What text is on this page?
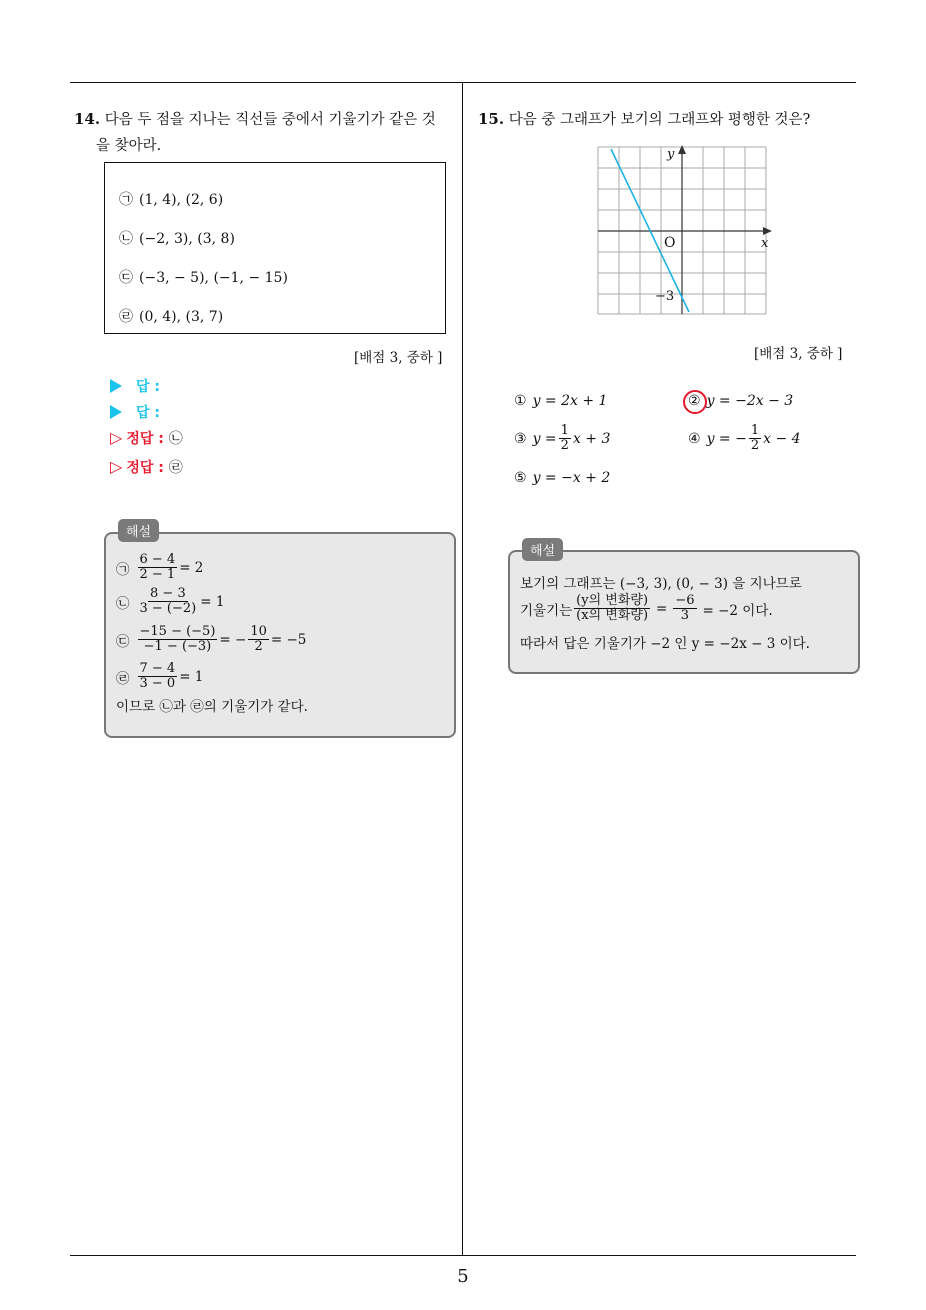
14. 다음 두 점을 지나는 직선들 중에서 기울기가 같은 것
을 찾아라.
㉠ (1, 4), (2, 6)
㉡ (−2, 3), (3, 8)
㉢ (−3, − 5), (−1, − 15)
㉣ (0, 4), (3, 7)
[배점 3, 중하 ]
답 :
답 :
▷ 정답 : ㉡
▷ 정답 : ㉣
해설
㉠ $\frac{6 - 4}{2 - 1} = 2$
㉡ $\frac{8 - 3}{3 - (-2)} = 1$
㉢ $\frac{-15 - (-5)}{-1 - (-3)}$ = − $\frac{10}{2} = -5$
㉣ $\frac{7 - 4}{3 - 0} = 1$
이므로 ㉡과 ㉣의 기울기가 같다.
15. 다음 중 그래프가 보기의 그래프와 평행한 것은?
y
x
O
−3
[배점 3, 중하 ]
① y = 2x + 1	② y = −2x − 3
③ $y = \frac{1}{2}$ x + 3	④ y = − $\frac{1}{2}$ x − 4
⑤ y = −x + 2
해설
보기의 그래프는 (−3, 3), (0, − 3) 을 지나므로
기울기는 $\frac{\text{(y의 변화량)}}{\text{(x의 변화량)}} = \frac{-6}{3} = -2$ 이다.
따라서 답은 기울기가 −2 인 y = −2x − 3 이다.
5
